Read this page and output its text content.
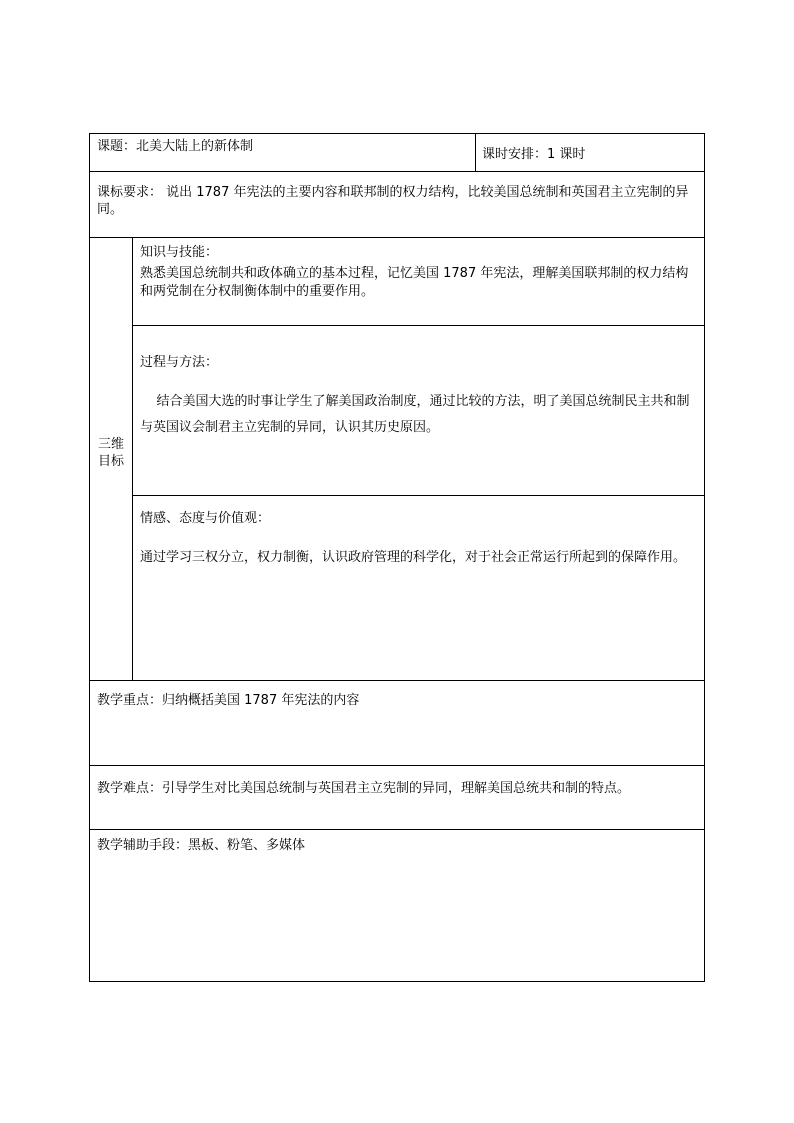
课题：北美大陆上的新体制
课时安排：1 课时
课标要求： 说出 1787 年宪法的主要内容和联邦制的权力结构，比较美国总统制和英国君主立宪制的异同。
三维
目标
知识与技能：
熟悉美国总统制共和政体确立的基本过程，记忆美国 1787 年宪法，理解美国联邦制的权力结构和两党制在分权制衡体制中的重要作用。
过程与方法：
结合美国大选的时事让学生了解美国政治制度，通过比较的方法，明了美国总统制民主共和制与英国议会制君主立宪制的异同，认识其历史原因。
情感、态度与价值观：
通过学习三权分立，权力制衡，认识政府管理的科学化，对于社会正常运行所起到的保障作用。
教学重点：归纳概括美国 1787 年宪法的内容
教学难点：引导学生对比美国总统制与英国君主立宪制的异同，理解美国总统共和制的特点。
教学辅助手段：黑板、粉笔、多媒体
